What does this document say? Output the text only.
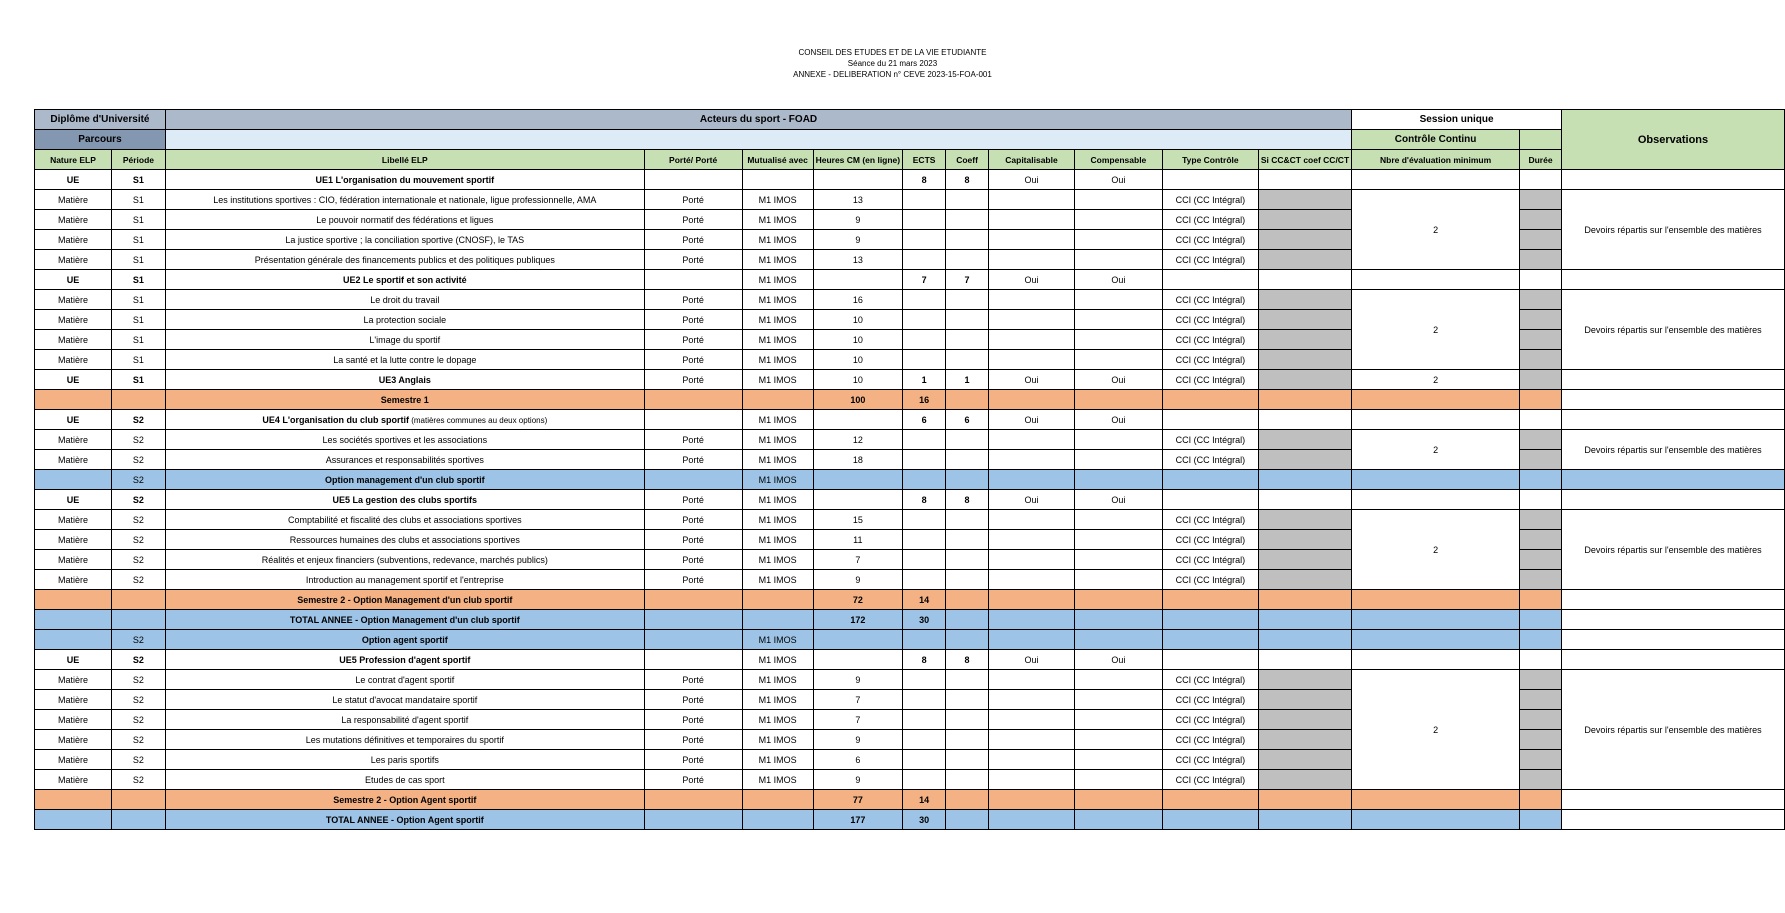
CONSEIL DES ETUDES ET DE LA VIE ETUDIANTE
Séance du 21 mars 2023
ANNEXE - DELIBERATION n° CEVE 2023-15-FOA-001
Diplôme d'Université		Acteurs du sport - FOAD										Session unique		Observations
Parcours												Contrôle Continu		
Nature ELP	Période	Libellé ELP	Porté/ Porté	Mutualisé avec	Heures CM (en ligne)	ECTS	Coeff	Capitalisable	Compensable	Type Contrôle	Si CC&CT coef CC/CT	Nbre d'évaluation minimum	Durée	
UE	S1	UE1 L'organisation du mouvement sportif				8	8	Oui	Oui					
Matière	S1	Les institutions sportives : CIO, fédération internationale et nationale, ligue professionnelle, AMA	Porté	M1 IMOS	13					CCI (CC Intégral)		2		Devoirs répartis sur l'ensemble des matières
Matière	S1	Le pouvoir normatif des fédérations et ligues	Porté	M1 IMOS	9					CCI (CC Intégral)				
Matière	S1	La justice sportive ; la conciliation sportive (CNOSF), le TAS	Porté	M1 IMOS	9					CCI (CC Intégral)				
Matière	S1	Présentation générale des financements publics et des politiques publiques	Porté	M1 IMOS	13					CCI (CC Intégral)				
UE	S1	UE2 Le sportif et son activité		M1 IMOS		7	7	Oui	Oui					
Matière	S1	Le droit du travail	Porté	M1 IMOS	16					CCI (CC Intégral)		2		Devoirs répartis sur l'ensemble des matières
Matière	S1	La protection sociale	Porté	M1 IMOS	10					CCI (CC Intégral)				
Matière	S1	L'image du sportif	Porté	M1 IMOS	10					CCI (CC Intégral)				
Matière	S1	La santé et la lutte contre le dopage	Porté	M1 IMOS	10					CCI (CC Intégral)				
UE	S1	UE3 Anglais	Porté	M1 IMOS	10	1	1	Oui	Oui	CCI (CC Intégral)		2		
		Semestre 1			100	16								
UE	S2	UE4 L'organisation du club sportif (matières communes au deux options)		M1 IMOS		6	6	Oui	Oui					
Matière	S2	Les sociétés sportives et les associations	Porté	M1 IMOS	12					CCI (CC Intégral)		2		Devoirs répartis sur l'ensemble des matières
Matière	S2	Assurances et responsabilités sportives	Porté	M1 IMOS	18					CCI (CC Intégral)				
	S2	Option management d'un club sportif		M1 IMOS										
UE	S2	UE5 La gestion des clubs sportifs	Porté	M1 IMOS		8	8	Oui	Oui					
Matière	S2	Comptabilité et fiscalité des clubs et associations sportives	Porté	M1 IMOS	15					CCI (CC Intégral)		2		Devoirs répartis sur l'ensemble des matières
Matière	S2	Ressources humaines des clubs et associations sportives	Porté	M1 IMOS	11					CCI (CC Intégral)				
Matière	S2	Réalités et enjeux financiers (subventions, redevance, marchés publics)	Porté	M1 IMOS	7					CCI (CC Intégral)				
Matière	S2	Introduction au management sportif et l'entreprise	Porté	M1 IMOS	9					CCI (CC Intégral)				
		Semestre 2 - Option Management d'un club sportif			72	14								
		TOTAL ANNEE - Option Management d'un club sportif			172	30								
	S2	Option agent sportif		M1 IMOS										
UE	S2	UE5 Profession d'agent sportif		M1 IMOS		8	8	Oui	Oui					
Matière	S2	Le contrat d'agent sportif	Porté	M1 IMOS	9					CCI (CC Intégral)		2		Devoirs répartis sur l'ensemble des matières
Matière	S2	Le statut d'avocat mandataire sportif	Porté	M1 IMOS	7					CCI (CC Intégral)				
Matière	S2	La responsabilité d'agent sportif	Porté	M1 IMOS	7					CCI (CC Intégral)				
Matière	S2	Les mutations définitives et temporaires du sportif	Porté	M1 IMOS	9					CCI (CC Intégral)				
Matière	S2	Les paris sportifs	Porté	M1 IMOS	6					CCI (CC Intégral)				
Matière	S2	Etudes de cas sport	Porté	M1 IMOS	9					CCI (CC Intégral)				
		Semestre 2 - Option Agent sportif			77	14								
		TOTAL ANNEE - Option Agent sportif			177	30								
